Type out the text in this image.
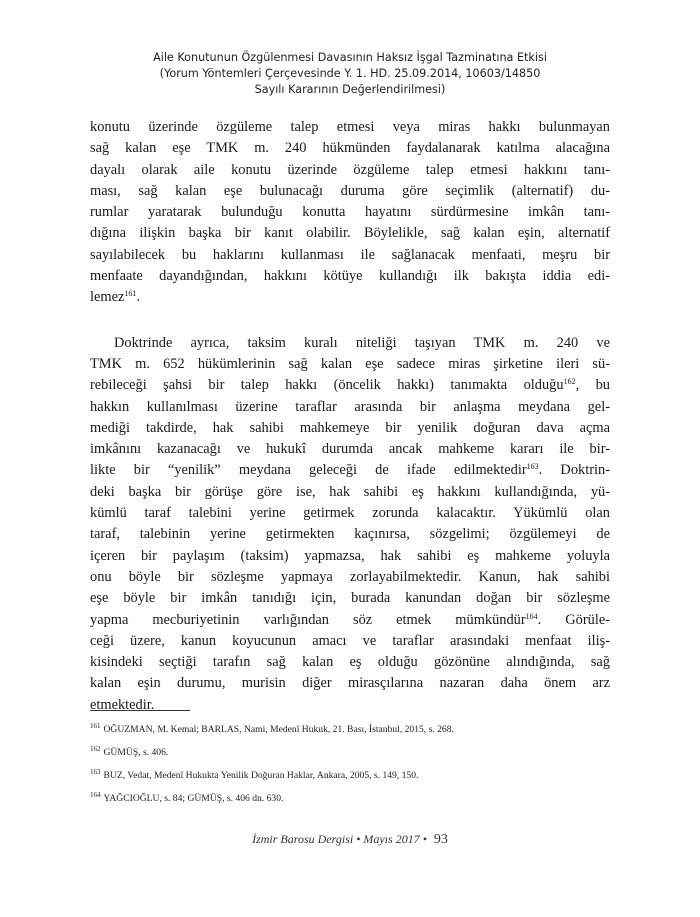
Aile Konutunun Özgülenmesi Davasının Haksız İşgal Tazminatına Etkisi
(Yorum Yöntemleri Çerçevesinde Y. 1. HD. 25.09.2014, 10603/14850
Sayılı Kararının Değerlendirilmesi)
konutu üzerinde özgüleme talep etmesi veya miras hakkı bulunmayan
sağ kalan eşe TMK m. 240 hükmünden faydalanarak katılma alacağına
dayalı olarak aile konutu üzerinde özgüleme talep etmesi hakkını tanı-
ması, sağ kalan eşe bulunacağı duruma göre seçimlik (alternatif) du-
rumlar yaratarak bulunduğu konutta hayatını sürdürmesine imkân tanı-
dığına ilişkin başka bir kanıt olabilir. Böylelikle, sağ kalan eşin, alternatif
sayılabilecek bu haklarını kullanması ile sağlanacak menfaati, meşru bir
menfaate dayandığından, hakkını kötüye kullandığı ilk bakışta iddia edi-
lemez$^{161}$.
Doktrinde ayrıca, taksim kuralı niteliği taşıyan TMK m. 240 ve
TMK m. 652 hükümlerinin sağ kalan eşe sadece miras şirketine ileri sü-
rebileceği şahsi bir talep hakkı (öncelik hakkı) tanımakta olduğu$^{162}$, bu
hakkın kullanılması üzerine taraflar arasında bir anlaşma meydana gel-
mediği takdirde, hak sahibi mahkemeye bir yenilik doğuran dava açma
imkânını kazanacağı ve hukukî durumda ancak mahkeme kararı ile bir-
likte bir “yenilik” meydana geleceği de ifade edilmektedir$^{163}$. Doktrin-
deki başka bir görüşe göre ise, hak sahibi eş hakkını kullandığında, yü-
kümlü taraf talebini yerine getirmek zorunda kalacaktır. Yükümlü olan
taraf, talebinin yerine getirmekten kaçınırsa, sözgelimi; özgülemeyi de
içeren bir paylaşım (taksim) yapmazsa, hak sahibi eş mahkeme yoluyla
onu böyle bir sözleşme yapmaya zorlayabilmektedir. Kanun, hak sahibi
eşe böyle bir imkân tanıdığı için, burada kanundan doğan bir sözleşme
yapma mecburiyetinin varlığından söz etmek mümkündür$^{164}$. Görüle-
ceği üzere, kanun koyucunun amacı ve taraflar arasındaki menfaat iliş-
kisindeki seçtiği tarafın sağ kalan eş olduğu gözönüne alındığında, sağ
kalan eşin durumu, murisin diğer mirasçılarına nazaran daha önem arz
etmektedir.
$^{161}$ OĞUZMAN, M. Kemal; BARLAS, Nami, Medenî Hukuk, 21. Bası, İstanbul, 2015, s. 268.
$^{162}$ GÜMÜŞ, s. 406.
$^{163}$ BUZ, Vedat, Medenî Hukukta Yenilik Doğuran Haklar, Ankara, 2005, s. 149, 150.
$^{164}$ YAĞCIOĞLU, s. 84; GÜMÜŞ, s. 406 dn. 630.
İzmir Barosu Dergisi • Mayıs 2017 • 93
